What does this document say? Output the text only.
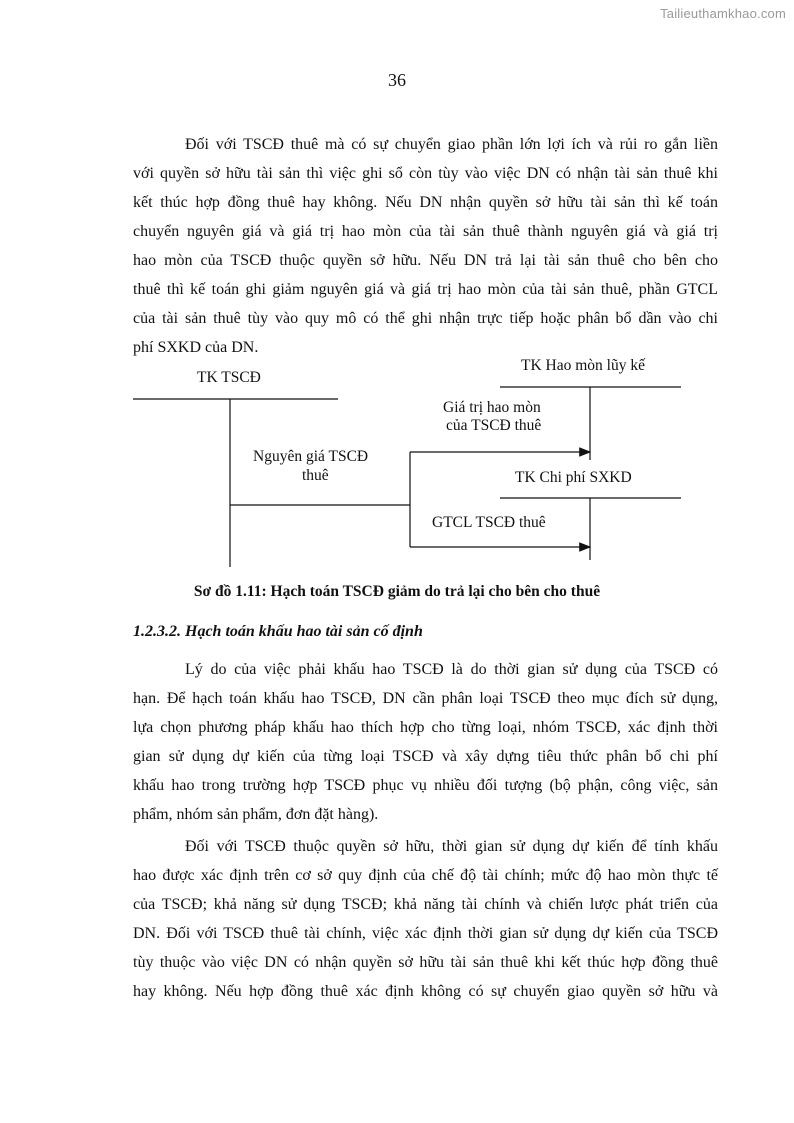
Tailieuthamkhao.com
36

Đối với TSCĐ thuê mà có sự chuyển giao phần lớn lợi ích và rủi ro gắn liền
với quyền sở hữu tài sản thì việc ghi sổ còn tùy vào việc DN có nhận tài sản thuê khi
kết thúc hợp đồng thuê hay không. Nếu DN nhận quyền sở hữu tài sản thì kế toán
chuyển nguyên giá và giá trị hao mòn của tài sản thuê thành nguyên giá và giá trị
hao mòn của TSCĐ thuộc quyền sở hữu. Nếu DN trả lại tài sản thuê cho bên cho
thuê thì kế toán ghi giảm nguyên giá và giá trị hao mòn của tài sản thuê, phần GTCL
của tài sản thuê tùy vào quy mô có thể ghi nhận trực tiếp hoặc phân bổ dần vào chi
phí SXKD của DN.

TK TSCĐ
Nguyên giá TSCĐ
thuê
Giá trị hao mòn
của TSCĐ thuê
GTCL TSCĐ thuê
TK Hao mòn lũy kế
TK Chi phí SXKD
Sơ đồ 1.11: Hạch toán TSCĐ giảm do trả lại cho bên cho thuê
1.2.3.2. Hạch toán khấu hao tài sản cố định

Lý do của việc phải khấu hao TSCĐ là do thời gian sử dụng của TSCĐ có
hạn. Để hạch toán khấu hao TSCĐ, DN cần phân loại TSCĐ theo mục đích sử dụng,
lựa chọn phương pháp khấu hao thích hợp cho từng loại, nhóm TSCĐ, xác định thời
gian sử dụng dự kiến của từng loại TSCĐ và xây dựng tiêu thức phân bổ chi phí
khấu hao trong trường hợp TSCĐ phục vụ nhiều đối tượng (bộ phận, công việc, sản
phẩm, nhóm sản phẩm, đơn đặt hàng).

Đối với TSCĐ thuộc quyền sở hữu, thời gian sử dụng dự kiến để tính khấu
hao được xác định trên cơ sở quy định của chế độ tài chính; mức độ hao mòn thực tế
của TSCĐ; khả năng sử dụng TSCĐ; khả năng tài chính và chiến lược phát triển của
DN. Đối với TSCĐ thuê tài chính, việc xác định thời gian sử dụng dự kiến của TSCĐ
tùy thuộc vào việc DN có nhận quyền sở hữu tài sản thuê khi kết thúc hợp đồng thuê
hay không. Nếu hợp đồng thuê xác định không có sự chuyển giao quyền sở hữu và
